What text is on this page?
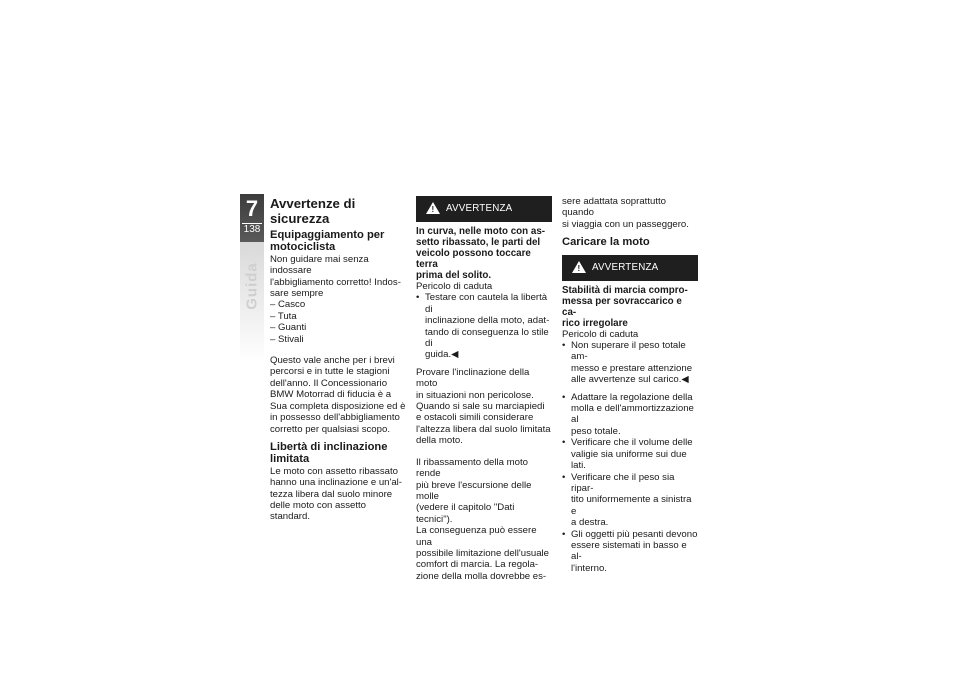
7
138
Guida
Avvertenze di sicurezza
Equipaggiamento per
motociclista
Non guidare mai senza indossare
l'abbigliamento corretto! Indos-
sare sempre
– Casco
– Tuta
– Guanti
– Stivali
Questo vale anche per i brevi
percorsi e in tutte le stagioni
dell'anno. Il Concessionario
BMW Motorrad di fiducia è a
Sua completa disposizione ed è
in possesso dell'abbigliamento
corretto per qualsiasi scopo.
Libertà di inclinazione
limitata
Le moto con assetto ribassato
hanno una inclinazione e un'al-
tezza libera dal suolo minore
delle moto con assetto standard.
! AVVERTENZA
In curva, nelle moto con as-
setto ribassato, le parti del
veicolo possono toccare terra
prima del solito.
Pericolo di caduta
• Testare con cautela la libertà di
inclinazione della moto, adat-
tando di conseguenza lo stile di
guida.◀
Provare l'inclinazione della moto
in situazioni non pericolose.
Quando si sale su marciapiedi
e ostacoli simili considerare
l'altezza libera dal suolo limitata
della moto.
Il ribassamento della moto rende
più breve l'escursione delle molle
(vedere il capitolo "Dati tecnici").
La conseguenza può essere una
possibile limitazione dell'usuale
comfort di marcia. La regola-
zione della molla dovrebbe es-
sere adattata soprattutto quando
si viaggia con un passeggero.
Caricare la moto
! AVVERTENZA
Stabilità di marcia compro-
messa per sovraccarico e ca-
rico irregolare
Pericolo di caduta
• Non superare il peso totale am-
messo e prestare attenzione
alle avvertenze sul carico.◀
• Adattare la regolazione della
molla e dell'ammortizzazione al
peso totale.
• Verificare che il volume delle
valigie sia uniforme sui due lati.
• Verificare che il peso sia ripar-
tito uniformemente a sinistra e
a destra.
• Gli oggetti più pesanti devono
essere sistemati in basso e al-
l'interno.
